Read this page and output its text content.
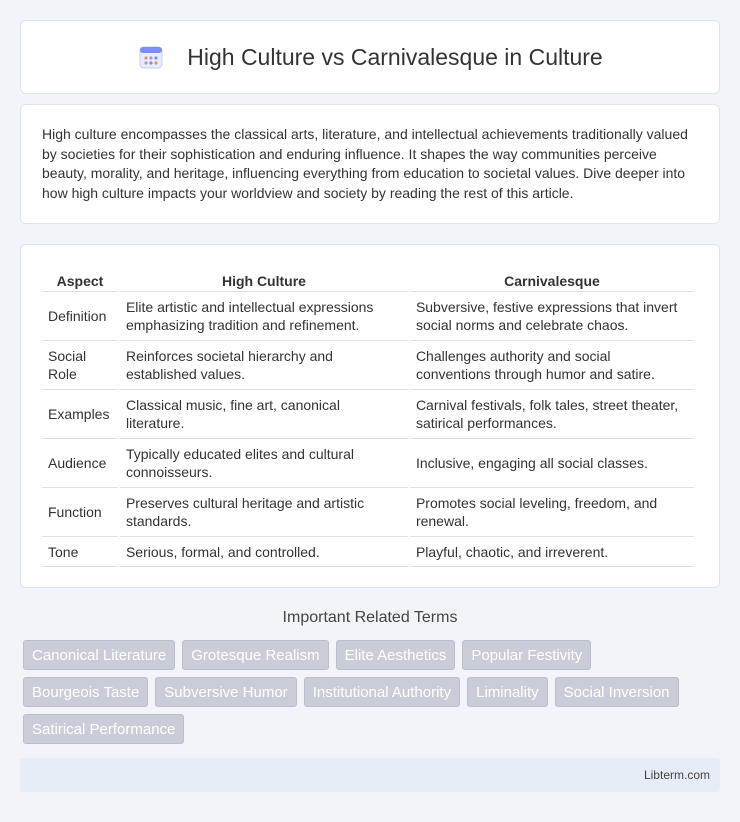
High Culture vs Carnivalesque in Culture

High culture encompasses the classical arts, literature, and intellectual achievements traditionally valued by societies for their sophistication and enduring influence. It shapes the way communities perceive beauty, morality, and heritage, influencing everything from education to societal values. Dive deeper into how high culture impacts your worldview and society by reading the rest of this article.

Aspect	High Culture	Carnivalesque
Definition	Elite artistic and intellectual expressions emphasizing tradition and refinement.	Subversive, festive expressions that invert social norms and celebrate chaos.
Social Role	Reinforces societal hierarchy and established values.	Challenges authority and social conventions through humor and satire.
Examples	Classical music, fine art, canonical literature.	Carnival festivals, folk tales, street theater, satirical performances.
Audience	Typically educated elites and cultural connoisseurs.	Inclusive, engaging all social classes.
Function	Preserves cultural heritage and artistic standards.	Promotes social leveling, freedom, and renewal.
Tone	Serious, formal, and controlled.	Playful, chaotic, and irreverent.
Important Related Terms
Canonical Literature	Grotesque Realism	Elite Aesthetics	Popular Festivity
Bourgeois Taste	Subversive Humor	Institutional Authority	Liminality	Social Inversion
Satirical Performance
Libterm.com
